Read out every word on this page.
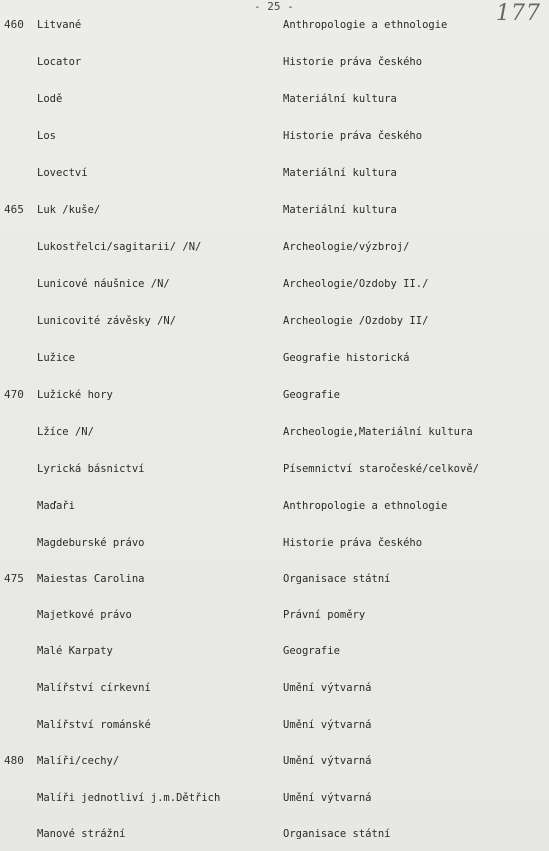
- 25 -	177
460 Litvané	Anthropologie a ethnologie
Locator	Historie práva českého
Lodě	Materiální kultura
Los	Historie práva českého
Lovectví	Materiální kultura
465 Luk /kuše/	Materiální kultura
Lukostřelci/sagitarii/ /N/	Archeologie/výzbroj/
Lunicové náušnice /N/	Archeologie/Ozdoby II./
Lunicovité závěsky /N/	Archeologie /Ozdoby II/
Lužice	Geografie historická
470 Lužické hory	Geografie
Lžíce /N/	Archeologie,Materiální kultura
Lyrická básnictví	Písemnictví staročeské/celkově/
Maďaři	Anthropologie a ethnologie
Magdeburské právo	Historie práva českého
475 Maiestas Carolina	Organisace státní
Majetkové právo	Právní poměry
Malé Karpaty	Geografie
Malířství církevní	Umění výtvarná
Malířství románské	Umění výtvarná
480 Malíři/cechy/	Umění výtvarná
Malíři jednotliví j.m.Dětřich	Umění výtvarná
Manové strážní	Organisace státní
